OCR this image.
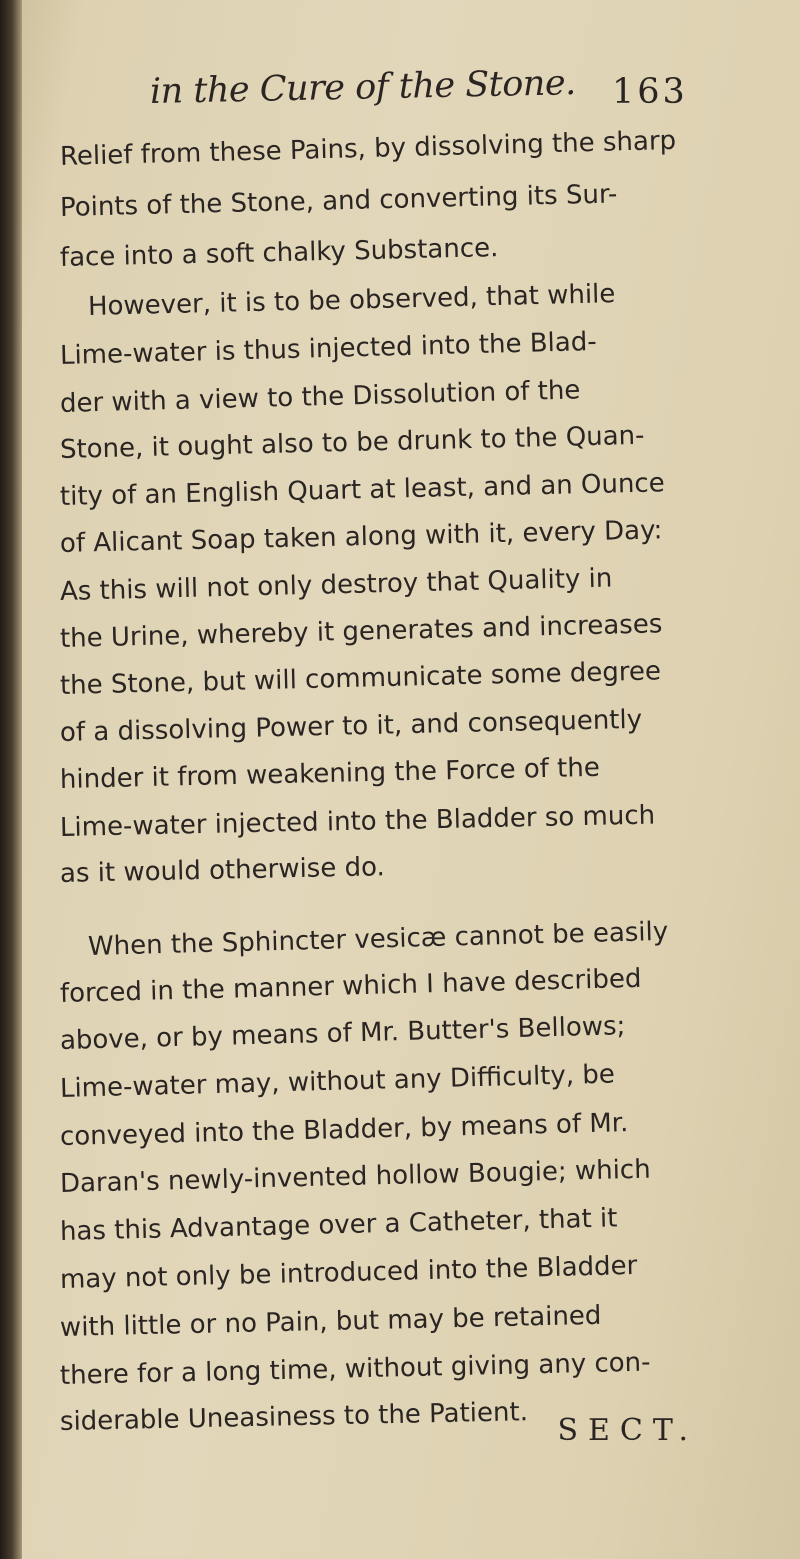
in the Cure of the Stone. 163

Relief from these Pains, by dissolving the sharp

Points of the Stone, and converting its Sur-

face into a soft chalky Substance.

However, it is to be observed, that while

Lime-water is thus injected into the Blad-

der with a view to the Dissolution of the

Stone, it ought also to be drunk to the Quan-

tity of an English Quart at least, and an Ounce

of Alicant Soap taken along with it, every Day:

As this will not only destroy that Quality in

the Urine, whereby it generates and increases

the Stone, but will communicate some degree

of a dissolving Power to it, and consequently

hinder it from weakening the Force of the

Lime-water injected into the Bladder so much

as it would otherwise do.

When the Sphincter vesicæ cannot be easily

forced in the manner which I have described

above, or by means of Mr. Butter's Bellows;

Lime-water may, without any Difficulty, be

conveyed into the Bladder, by means of Mr.

Daran's newly-invented hollow Bougie; which

has this Advantage over a Catheter, that it

may not only be introduced into the Bladder

with little or no Pain, but may be retained

there for a long time, without giving any con-

siderable Uneasiness to the Patient. SECT.
